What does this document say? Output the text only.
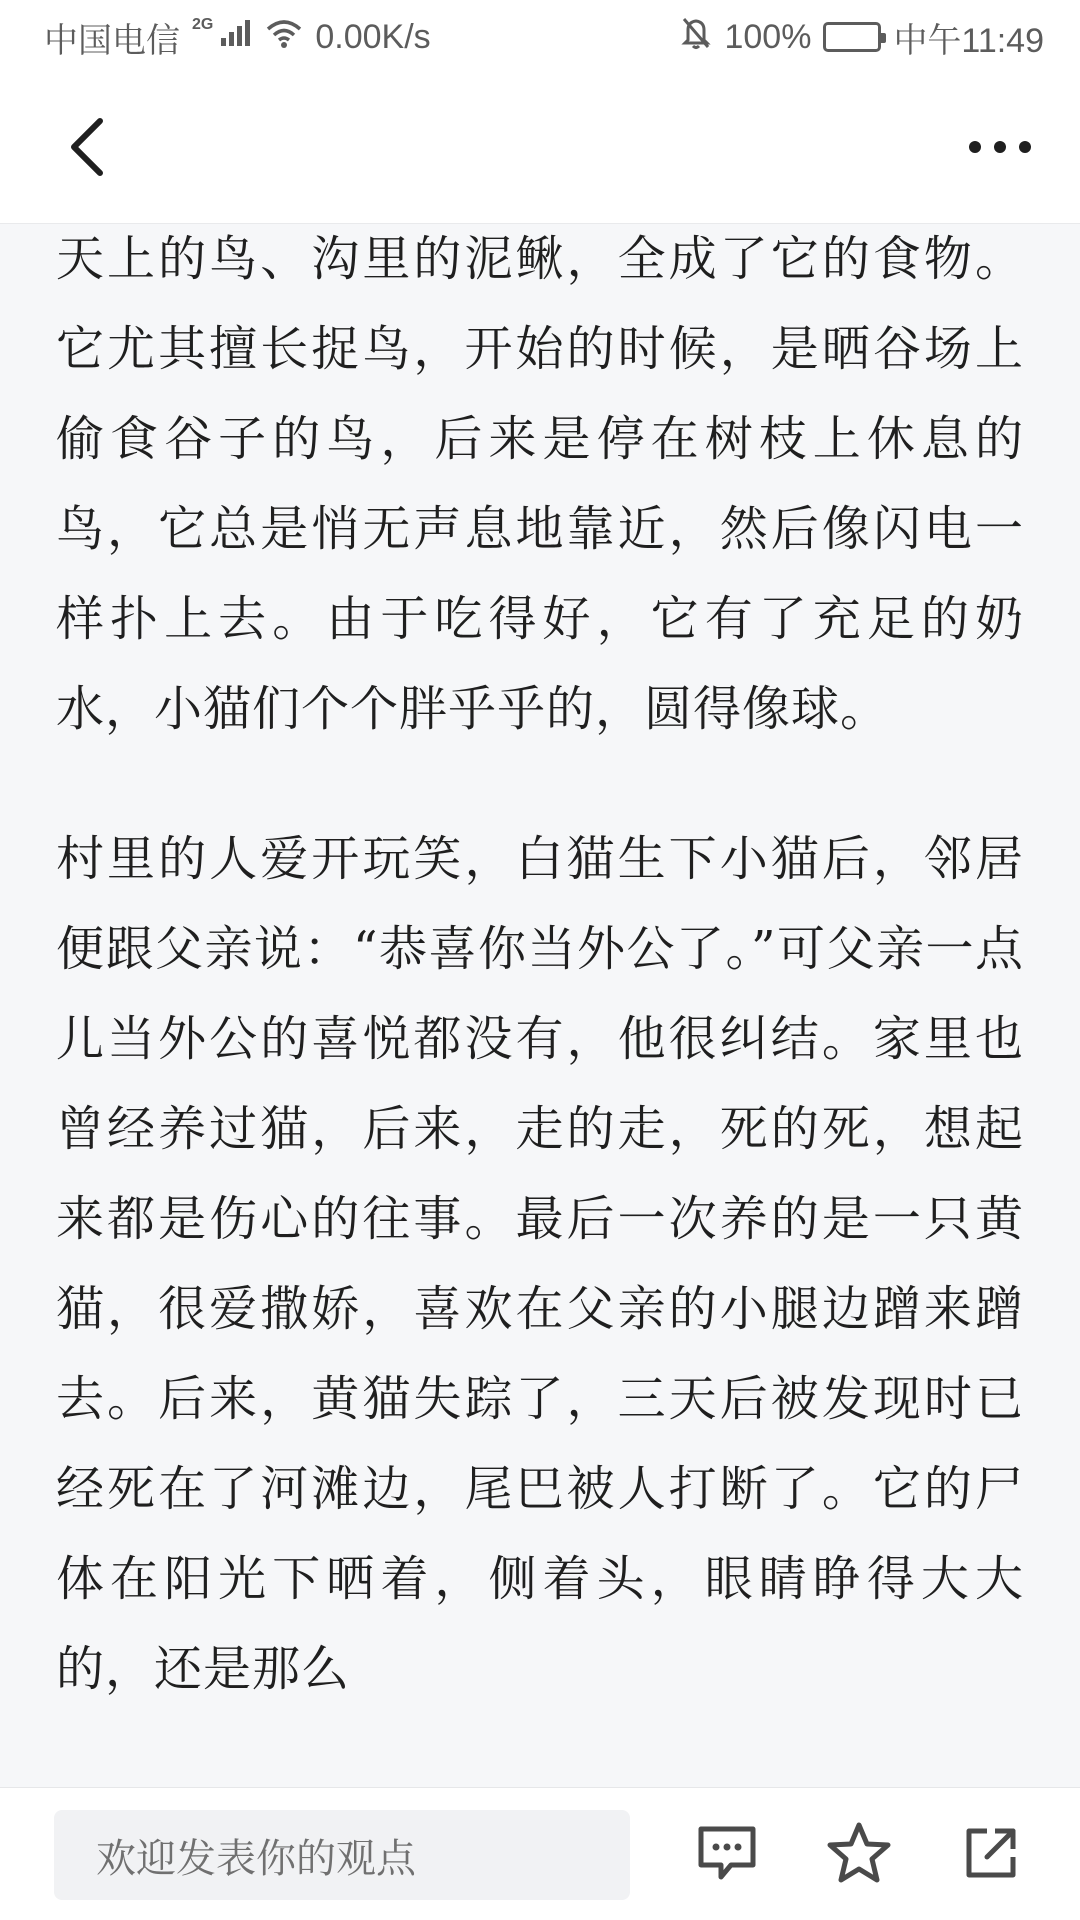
中国电信 2G	0.00K/s	100% 中午11:49

天上的鸟、沟里的泥鳅，全成了它的食物。它尤其擅长捉鸟，开始的时候，是晒谷场上偷食谷子的鸟，后来是停在树枝上休息的鸟，它总是悄无声息地靠近，然后像闪电一样扑上去。由于吃得好，它有了充足的奶水，小猫们个个胖乎乎的，圆得像球。

村里的人爱开玩笑，白猫生下小猫后，邻居便跟父亲说：“恭喜你当外公了。”可父亲一点儿当外公的喜悦都没有，他很纠结。家里也曾经养过猫，后来，走的走，死的死，想起来都是伤心的往事。最后一次养的是一只黄猫，很爱撒娇，喜欢在父亲的小腿边蹭来蹭去。后来，黄猫失踪了，三天后被发现时已经死在了河滩边，尾巴被人打断了。它的尸体在阳光下晒着，侧着头，眼睛睁得大大的，还是那么

欢迎发表你的观点
